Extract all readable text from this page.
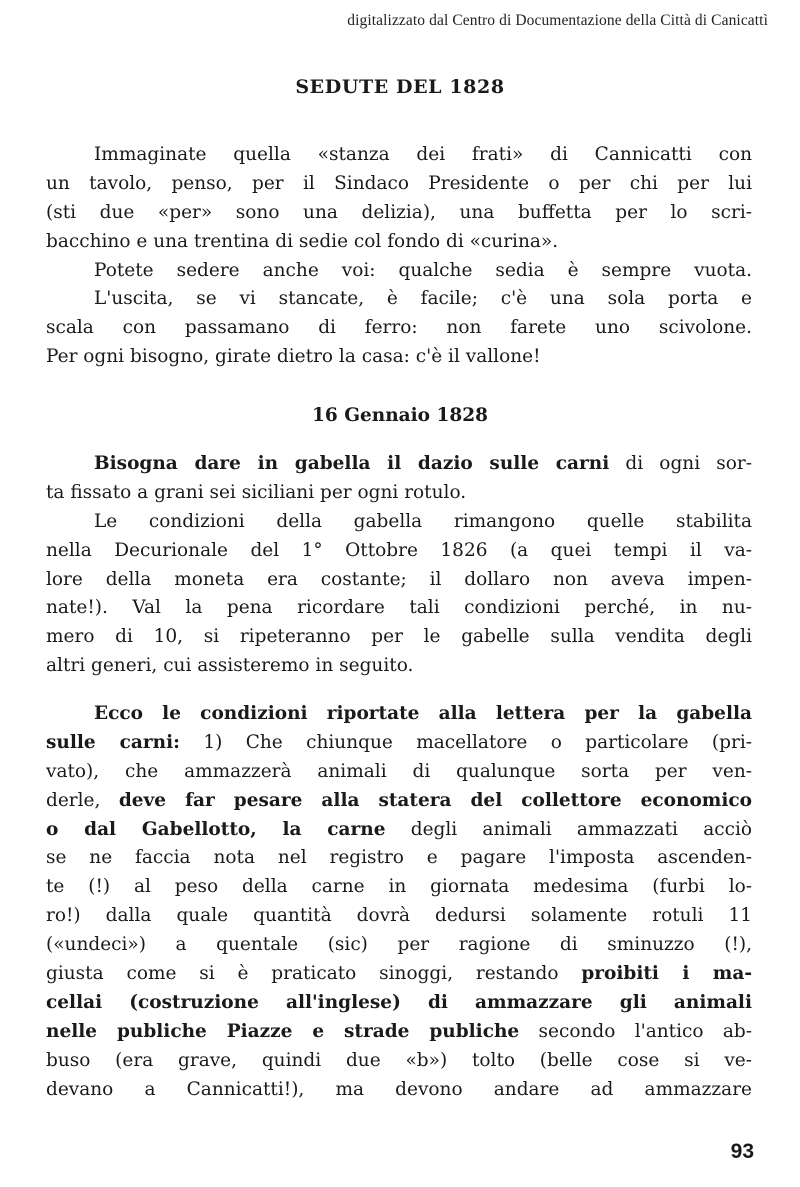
digitalizzato dal Centro di Documentazione della Città di Canicattì
SEDUTE DEL 1828
Immaginate quella «stanza dei frati» di Cannicatti con
un tavolo, penso, per il Sindaco Presidente o per chi per lui
(sti due «per» sono una delizia), una buffetta per lo scri-
bacchino e una trentina di sedie col fondo di «curina».
Potete sedere anche voi: qualche sedia è sempre vuota.
L'uscita, se vi stancate, è facile; c'è una sola porta e
scala con passamano di ferro: non farete uno scivolone.
Per ogni bisogno, girate dietro la casa: c'è il vallone!
16 Gennaio 1828
Bisogna dare in gabella il dazio sulle carni di ogni sor-
ta fissato a grani sei siciliani per ogni rotulo.
Le condizioni della gabella rimangono quelle stabilita
nella Decurionale del 1° Ottobre 1826 (a quei tempi il va-
lore della moneta era costante; il dollaro non aveva impen-
nate!). Val la pena ricordare tali condizioni perché, in nu-
mero di 10, si ripeteranno per le gabelle sulla vendita degli
altri generi, cui assisteremo in seguito.
Ecco le condizioni riportate alla lettera per la gabella
sulle carni: 1) Che chiunque macellatore o particolare (pri-
vato), che ammazzerà animali di qualunque sorta per ven-
derle, deve far pesare alla statera del collettore economico
o dal Gabellotto, la carne degli animali ammazzati acciò
se ne faccia nota nel registro e pagare l'imposta ascenden-
te (!) al peso della carne in giornata medesima (furbi lo-
ro!) dalla quale quantità dovrà dedursi solamente rotuli 11
(«undeci») a quentale (sic) per ragione di sminuzzo (!),
giusta come si è praticato sinoggi, restando proibiti i ma-
cellai (costruzione all'inglese) di ammazzare gli animali
nelle publiche Piazze e strade publiche secondo l'antico ab-
buso (era grave, quindi due «b») tolto (belle cose si ve-
devano a Cannicatti!), ma devono andare ad ammazzare
93
